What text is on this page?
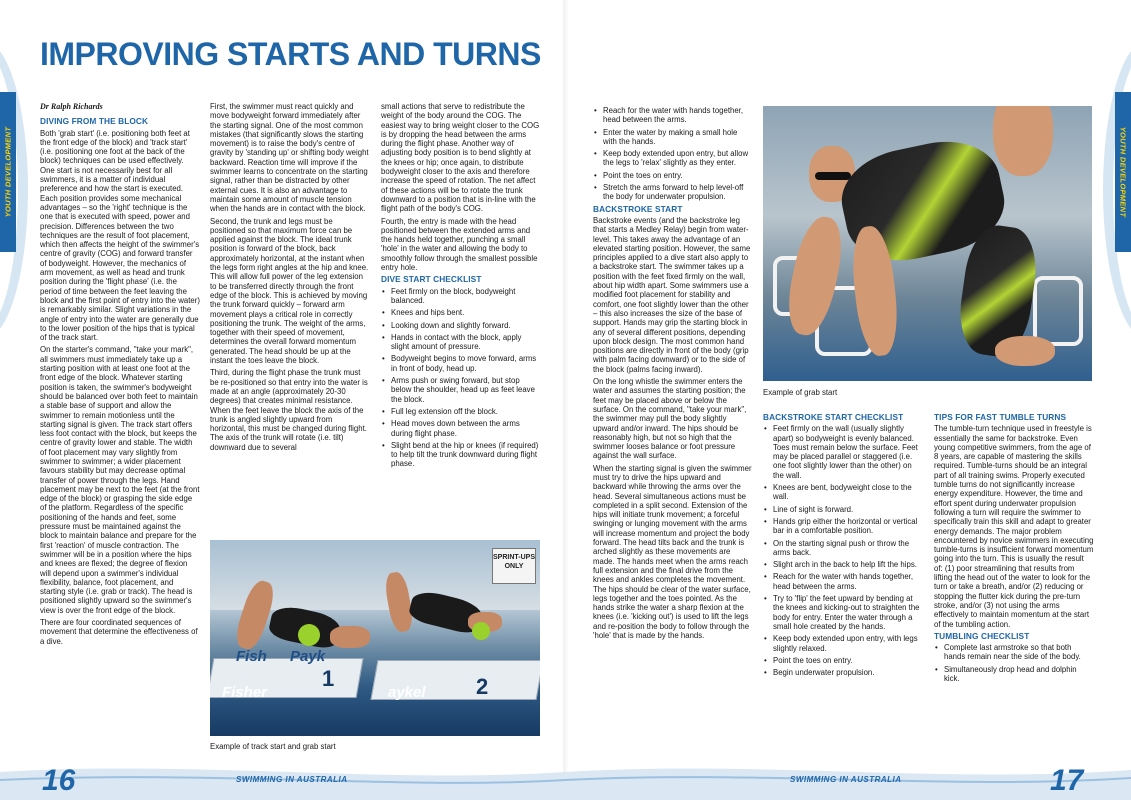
YOUTH DEVELOPMENT	YOUTH DEVELOPMENT
IMPROVING STARTS AND TURNS
Dr Ralph Richards
DIVING FROM THE BLOCK

Both 'grab start' (i.e. positioning both feet at the front edge of the block) and 'track start' (i.e. positioning one foot at the back of the block) techniques can be used effectively. One start is not necessarily best for all swimmers, it is a matter of individual preference and how the start is executed. Each position provides some mechanical advantages – so the 'right' technique is the one that is executed with speed, power and precision. Differences between the two techniques are the result of foot placement, which then affects the height of the swimmer's centre of gravity (COG) and forward transfer of bodyweight. However, the mechanics of arm movement, as well as head and trunk position during the 'flight phase' (i.e. the period of time between the feet leaving the block and the first point of entry into the water) is remarkably similar. Slight variations in the angle of entry into the water are generally due to the lower position of the hips that is typical of the track start.

On the starter's command, "take your mark", all swimmers must immediately take up a starting position with at least one foot at the front edge of the block. Whatever starting position is taken, the swimmer's bodyweight should be balanced over both feet to maintain a stable base of support and allow the swimmer to remain motionless until the starting signal is given. The track start offers less foot contact with the block, but keeps the centre of gravity lower and stable. The width of foot placement may vary slightly from swimmer to swimmer; a wider placement favours stability but may decrease optimal transfer of power through the legs. Hand placement may be next to the feet (at the front edge of the block) or grasping the side edge of the platform. Regardless of the specific positioning of the hands and feet, some pressure must be maintained against the block to maintain balance and prepare for the first 'reaction' of muscle contraction. The swimmer will be in a position where the hips and knees are flexed; the degree of flexion will depend upon a swimmer's individual flexibility, balance, foot placement, and starting style (i.e. grab or track). The head is positioned slightly upward so the swimmer's view is over the front edge of the block.

There are four coordinated sequences of movement that determine the effectiveness of a dive.

First, the swimmer must react quickly and move bodyweight forward immediately after the starting signal. One of the most common mistakes (that significantly slows the starting movement) is to raise the body's centre of gravity by 'standing up' or shifting body weight backward. Reaction time will improve if the swimmer learns to concentrate on the starting signal, rather than be distracted by other external cues. It is also an advantage to maintain some amount of muscle tension when the hands are in contact with the block.

Second, the trunk and legs must be positioned so that maximum force can be applied against the block. The ideal trunk position is forward of the block, back approximately horizontal, at the instant when the legs form right angles at the hip and knee. This will allow full power of the leg extension to be transferred directly through the front edge of the block. This is achieved by moving the trunk forward quickly – forward arm movement plays a critical role in correctly positioning the trunk. The weight of the arms, together with their speed of movement, determines the overall forward momentum generated. The head should be up at the instant the toes leave the block.

Third, during the flight phase the trunk must be re-positioned so that entry into the water is made at an angle (approximately 20-30 degrees) that creates minimal resistance. When the feet leave the block the axis of the trunk is angled slightly upward from horizontal, this must be changed during flight. The axis of the trunk will rotate (i.e. tilt) downward due to several

small actions that serve to redistribute the weight of the body around the COG. The easiest way to bring weight closer to the COG is by dropping the head between the arms during the flight phase. Another way of adjusting body position is to bend slightly at the knees or hip; once again, to distribute bodyweight closer to the axis and therefore increase the speed of rotation. The net affect of these actions will be to rotate the trunk downward to a position that is in-line with the flight path of the body's COG.

Fourth, the entry is made with the head positioned between the extended arms and the hands held together, punching a small 'hole' in the water and allowing the body to smoothly follow through the smallest possible entry hole.

DIVE START CHECKLIST
• Feet firmly on the block, bodyweight balanced.
• Knees and hips bent.
• Looking down and slightly forward.
• Hands in contact with the block, apply slight amount of pressure.
• Bodyweight begins to move forward, arms in front of body, head up.
• Arms push or swing forward, but stop below the shoulder, head up as feet leave the block.
• Full leg extension off the block.
• Head moves down between the arms during flight phase.
• Slight bend at the hip or knees (if required) to help tilt the trunk downward during flight phase.
SPRINT-UPS ONLY
Fish Payk
Fisher	aykel
1	2
Example of track start and grab start
• Reach for the water with hands together, head between the arms.
• Enter the water by making a small hole with the hands.
• Keep body extended upon entry, but allow the legs to 'relax' slightly as they enter.
• Point the toes on entry.
• Stretch the arms forward to help level-off the body for underwater propulsion.
BACKSTROKE START

Backstroke events (and the backstroke leg that starts a Medley Relay) begin from water-level. This takes away the advantage of an elevated starting position. However, the same principles applied to a dive start also apply to a backstroke start. The swimmer takes up a position with the feet fixed firmly on the wall, about hip width apart. Some swimmers use a modified foot placement for stability and comfort, one foot slightly lower than the other – this also increases the size of the base of support. Hands may grip the starting block in any of several different positions, depending upon block design. The most common hand positions are directly in front of the body (grip with palm facing downward) or to the side of the block (palms facing inward).

On the long whistle the swimmer enters the water and assumes the starting position; the feet may be placed above or below the surface. On the command, "take your mark", the swimmer may pull the body slightly upward and/or inward. The hips should be reasonably high, but not so high that the swimmer looses balance or foot pressure against the wall surface.

When the starting signal is given the swimmer must try to drive the hips upward and backward while throwing the arms over the head. Several simultaneous actions must be completed in a split second. Extension of the hips will initiate trunk movement; a forceful swinging or lunging movement with the arms will increase momentum and project the body forward. The head tilts back and the trunk is arched slightly as these movements are made. The hands meet when the arms reach full extension and the final drive from the knees and ankles completes the movement. The hips should be clear of the water surface, legs together and the toes pointed. As the hands strike the water a sharp flexion at the knees (i.e. 'kicking out') is used to lift the legs and re-position the body to follow through the 'hole' that is made by the hands.

Example of grab start
BACKSTROKE START CHECKLIST
• Feet firmly on the wall (usually slightly apart) so bodyweight is evenly balanced. Toes must remain below the surface. Feet may be placed parallel or staggered (i.e. one foot slightly lower than the other) on the wall.
• Knees are bent, bodyweight close to the wall.
• Line of sight is forward.
• Hands grip either the horizontal or vertical bar in a comfortable position.
• On the starting signal push or throw the arms back.
• Slight arch in the back to help lift the hips.
• Reach for the water with hands together, head between the arms.
• Try to 'flip' the feet upward by bending at the knees and kicking-out to straighten the body for entry. Enter the water through a small hole created by the hands.
• Keep body extended upon entry, with legs slightly relaxed.
• Point the toes on entry.
• Begin underwater propulsion.
TIPS FOR FAST TUMBLE TURNS

The tumble-turn technique used in freestyle is essentially the same for backstroke. Even young competitive swimmers, from the age of 8 years, are capable of mastering the skills required. Tumble-turns should be an integral part of all training swims. Properly executed tumble turns do not significantly increase energy expenditure. However, the time and effort spent during underwater propulsion following a turn will require the swimmer to specifically train this skill and adapt to greater energy demands. The major problem encountered by novice swimmers in executing tumble-turns is insufficient forward momentum going into the turn. This is usually the result of: (1) poor streamlining that results from lifting the head out of the water to look for the turn or take a breath, and/or (2) reducing or stopping the flutter kick during the pre-turn stroke, and/or (3) not using the arms effectively to maintain momentum at the start of the tumbling action.

TUMBLING CHECKLIST
• Complete last armstroke so that both hands remain near the side of the body.
• Simultaneously drop head and dolphin kick.
16	SWIMMING IN AUSTRALIA	SWIMMING IN AUSTRALIA	17
